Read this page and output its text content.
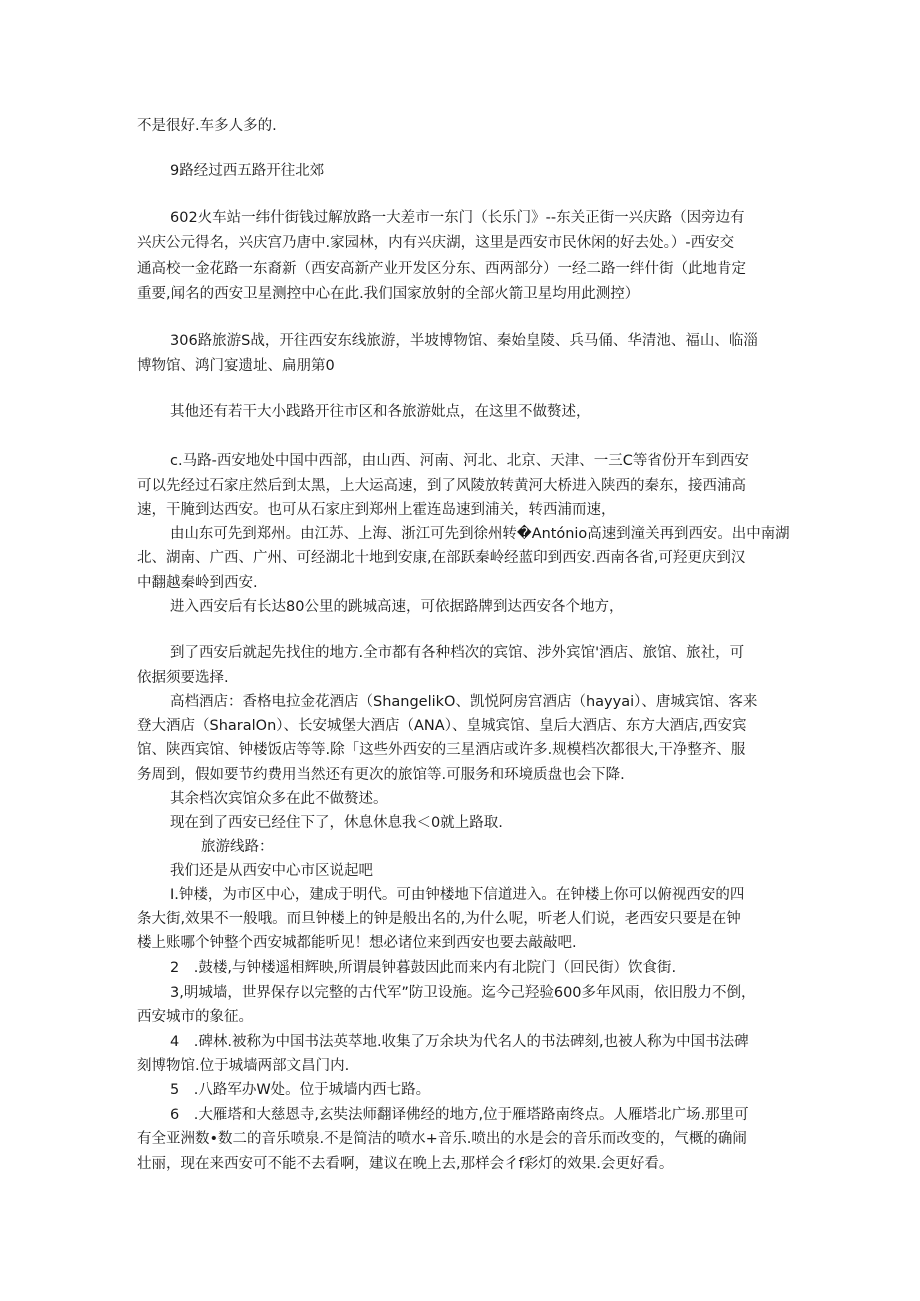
不是很好.车多人多的.
9路经过西五路开往北郊
602火车站一纬什街钱过解放路一大差市一东门（长乐门》--东关正街一兴庆路（因旁边有
兴庆公元得名，兴庆宫乃唐中.家园林，内有兴庆湖，这里是西安市民休闲的好去处。）-西安交
通高校一金花路一东裔新（西安高新产业开发区分东、西两部分）一经二路一绊什街（此地肯定
重要,闻名的西安卫星测控中心在此.我们国家放射的全部火箭卫星均用此测控）
306路旅游S战，开往西安东线旅游，半坡博物馆、秦始皇陵、兵马俑、华清池、福山、临淄
博物馆、鸿门宴遗址、扁朋第0
其他还有若干大小践路开往市区和各旅游妣点，在这里不做赘述，
c.马路-西安地处中国中西部，由山西、河南、河北、北京、天津、一三C等省份开车到西安
可以先经过石家庄然后到太黑，上大运高速，到了风陵放转黄河大桥进入陕西的秦东，接西浦高
速，干腌到达西安。也可从石家庄到郑州上霍连岛速到浦关，转西浦而速，
由山东可先到郑州。由江苏、上海、浙江可先到徐州转�António高速到潼关再到西安。出中南湖
北、湖南、广西、广州、可经湖北十地到安康,在部跃秦岭经蓝印到西安.西南各省,可羟更庆到汉
中翻越秦岭到西安.
进入西安后有长达80公里的跳城高速，可依据路牌到达西安各个地方，
到了西安后就起先找住的地方.全市都有各种档次的宾馆、涉外宾馆'酒店、旅馆、旅社，可
依据须要选择.
高档酒店：香格电拉金花酒店（ShangelikO、凯悦阿房宫酒店（hayyai）、唐城宾馆、客来
登大酒店（SharalOn）、长安城堡大酒店（ANA）、皇城宾馆、皇后大酒店、东方大酒店,西安宾
馆、陕西宾馆、钟楼饭店等等.除「这些外西安的三星酒店或许多.规模档次都很大,干净整齐、服
务周到，假如要节约费用当然还有更次的旅馆等.可服务和环境质盘也会下降.
其余档次宾馆众多在此不做赘述。
现在到了西安已经住下了，休息休息我＜0就上路取.
旅游线路：
我们还是从西安中心市区说起吧
I.钟楼，为市区中心，建成于明代。可由钟楼地下信道进入。在钟楼上你可以俯视西安的四
条大街,效果不一般哦。而旦钟楼上的钟是般出名的,为什么呢，听老人们说，老西安只要是在钟
楼上账哪个钟整个西安城都能听见！想必诸位来到西安也要去敲敲吧.
2　.鼓楼,与钟楼遥相辉映,所谓晨钟暮鼓因此而来内有北院门（回民街）饮食街.
3,明城墙，世界保存以完整的古代军”防卫设施。迄今己羟验600多年风雨，依旧殷力不倒，
西安城市的象征。
4　.碑林.被称为中国书法英萃地.收集了万余块为代名人的书法碑刻,也被人称为中国书法碑
刻博物馆.位于城墙两部文昌门内.
5　.八路军办W处。位于城墙内西七路。
6　.大雁塔和大慈恩寺,玄奘法师翻译佛经的地方,位于雁塔路南终点。人雁塔北广场.那里可
有全亚洲数•数二的音乐喷泉.不是简洁的喷水+音乐.喷出的水是会的音乐而改变的，气概的确闹
壮丽，现在来西安可不能不去看啊，建议在晚上去,那样会彳f彩灯的效果.会更好看。
